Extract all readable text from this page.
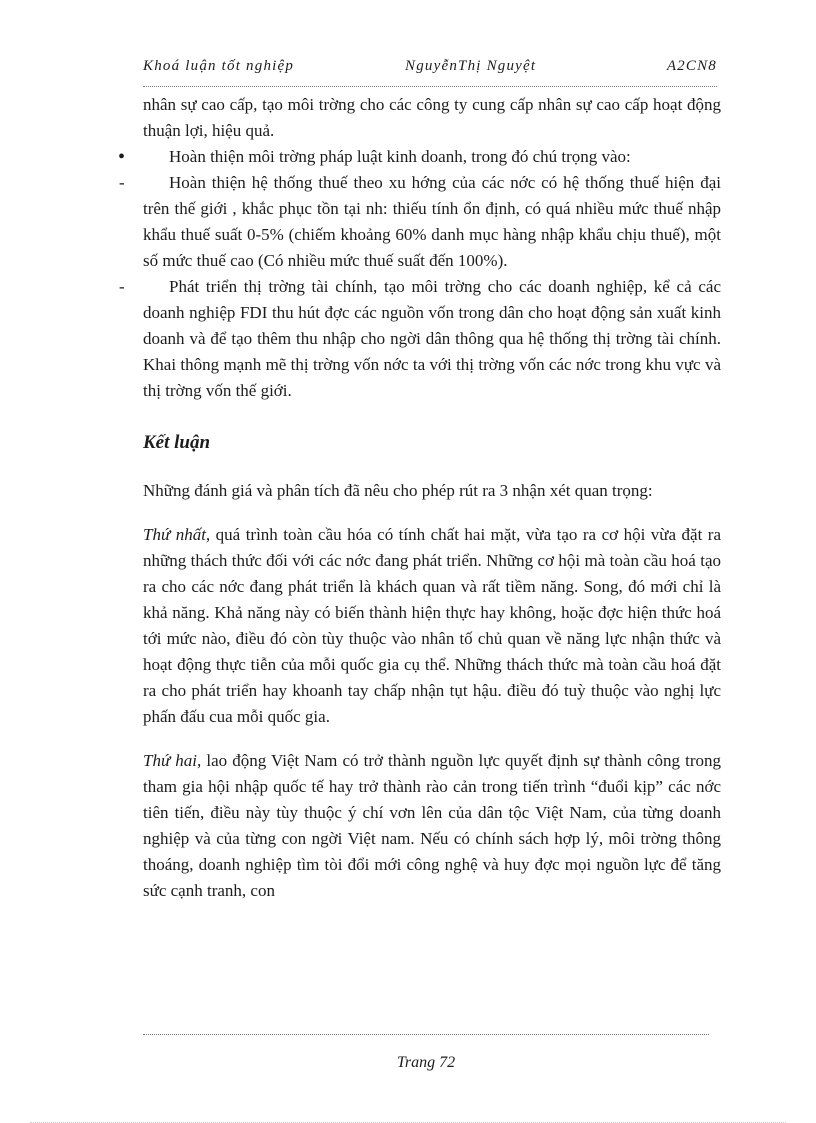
Khoá luận tốt nghiệp	NguyễnThị Nguyệt	A2CN8

nhân sự cao cấp, tạo môi trờng cho các công ty cung cấp nhân sự cao cấp hoạt động thuận lợi, hiệu quả.

•	Hoàn thiện môi trờng pháp luật kinh doanh, trong đó chú trọng vào:

-	Hoàn thiện hệ thống thuế theo xu hớng của các nớc có hệ thống thuế hiện đại trên thế giới , khắc phục tồn tại nh: thiếu tính ổn định, có quá nhiều mức thuế nhập khẩu thuế suất 0-5% (chiếm khoảng 60% danh mục hàng nhập khẩu chịu thuế), một số mức thuế cao (Có nhiều mức thuế suất đến 100%).

-	Phát triển thị trờng tài chính, tạo môi trờng cho các doanh nghiệp, kể cả các doanh nghiệp FDI thu hút đợc các nguồn vốn trong dân cho hoạt động sản xuất kinh doanh và để tạo thêm thu nhập cho ngời dân thông qua hệ thống thị trờng tài chính. Khai thông mạnh mẽ thị trờng vốn nớc ta với thị trờng vốn các nớc trong khu vực và thị trờng vốn thế giới.

Kết luận

Những đánh giá và phân tích đã nêu cho phép rút ra 3 nhận xét quan trọng:

Thứ nhất, quá trình toàn cầu hóa có tính chất hai mặt, vừa tạo ra cơ hội vừa đặt ra những thách thức đối với các nớc đang phát triển. Những cơ hội mà toàn cầu hoá tạo ra cho các nớc đang phát triển là khách quan và rất tiềm năng. Song, đó mới chỉ là khả năng. Khả năng này có biến thành hiện thực hay không, hoặc đợc hiện thức hoá tới mức nào, điều đó còn tùy thuộc vào nhân tố chủ quan về năng lực nhận thức và hoạt động thực tiễn của mỗi quốc gia cụ thể. Những thách thức mà toàn cầu hoá đặt ra cho phát triển hay khoanh tay chấp nhận tụt hậu. điều đó tuỳ thuộc vào nghị lực phấn đấu cua mỗi quốc gia.

Thứ hai, lao động Việt Nam có trở thành nguồn lực quyết định sự thành công trong tham gia hội nhập quốc tế hay trở thành rào cản trong tiến trình “đuổi kịp” các nớc tiên tiến, điều này tùy thuộc ý chí vơn lên của dân tộc Việt Nam, của từng doanh nghiệp và của từng con ngời Việt nam. Nếu có chính sách hợp lý, môi trờng thông thoáng, doanh nghiệp tìm tòi đổi mới công nghệ và huy đợc mọi nguồn lực để tăng sức cạnh tranh, con

Trang 72
